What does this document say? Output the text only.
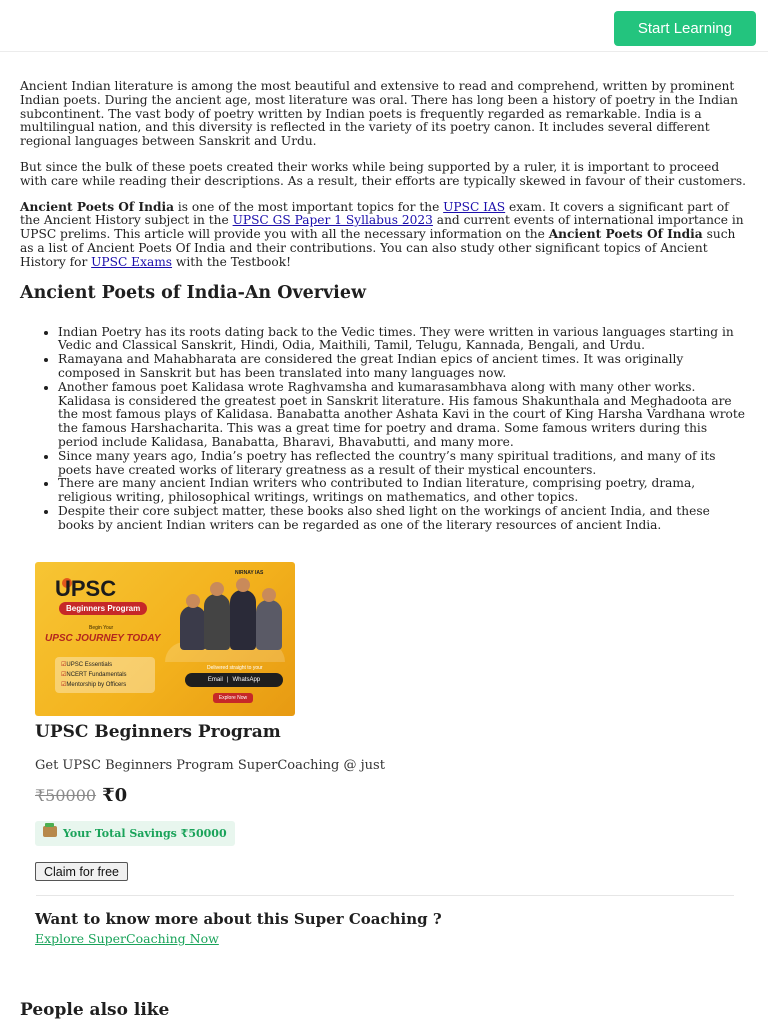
Start Learning

Ancient Indian literature is among the most beautiful and extensive to read and comprehend, written by prominent Indian poets. During the ancient age, most literature was oral. There has long been a history of poetry in the Indian subcontinent. The vast body of poetry written by Indian poets is frequently regarded as remarkable. India is a multilingual nation, and this diversity is reflected in the variety of its poetry canon. It includes several different regional languages between Sanskrit and Urdu.

But since the bulk of these poets created their works while being supported by a ruler, it is important to proceed with care while reading their descriptions. As a result, their efforts are typically skewed in favour of their customers.

Ancient Poets Of India is one of the most important topics for the UPSC IAS exam. It covers a significant part of the Ancient History subject in the UPSC GS Paper 1 Syllabus 2023 and current events of international importance in UPSC prelims. This article will provide you with all the necessary information on the Ancient Poets Of India such as a list of Ancient Poets Of India and their contributions. You can also study other significant topics of Ancient History for UPSC Exams with the Testbook!

Ancient Poets of India-An Overview
• Indian Poetry has its roots dating back to the Vedic times. They were written in various languages starting in Vedic and Classical Sanskrit, Hindi, Odia, Maithili, Tamil, Telugu, Kannada, Bengali, and Urdu.
• Ramayana and Mahabharata are considered the great Indian epics of ancient times. It was originally composed in Sanskrit but has been translated into many languages now.
• Another famous poet Kalidasa wrote Raghvamsha and kumarasambhava along with many other works. Kalidasa is considered the greatest poet in Sanskrit literature. His famous Shakunthala and Meghadoota are the most famous plays of Kalidasa. Banabatta another Ashata Kavi in the court of King Harsha Vardhana wrote the famous Harshacharita. This was a great time for poetry and drama. Some famous writers during this period include Kalidasa, Banabatta, Bharavi, Bhavabutti, and many more.
• Since many years ago, India’s poetry has reflected the country’s many spiritual traditions, and many of its poets have created works of literary greatness as a result of their mystical encounters.
• There are many ancient Indian writers who contributed to Indian literature, comprising poetry, drama, religious writing, philosophical writings, writings on mathematics, and other topics.
• Despite their core subject matter, these books also shed light on the workings of ancient India, and these books by ancient Indian writers can be regarded as one of the literary resources of ancient India.
UPSC
Beginners Program
Begin Your
UPSC JOURNEY TODAY
☑ UPSC Essentials
☑ NCERT Fundamentals
☑ Mentorship by Officers
NIRNAY IAS
Delivered straight to your
Email | WhatsApp
Explore Now
UPSC Beginners Program
Get UPSC Beginners Program SuperCoaching @ just
₹50000 ₹0
Your Total Savings ₹50000
Claim for free
Want to know more about this Super Coaching ?
Explore SuperCoaching Now
People also like
